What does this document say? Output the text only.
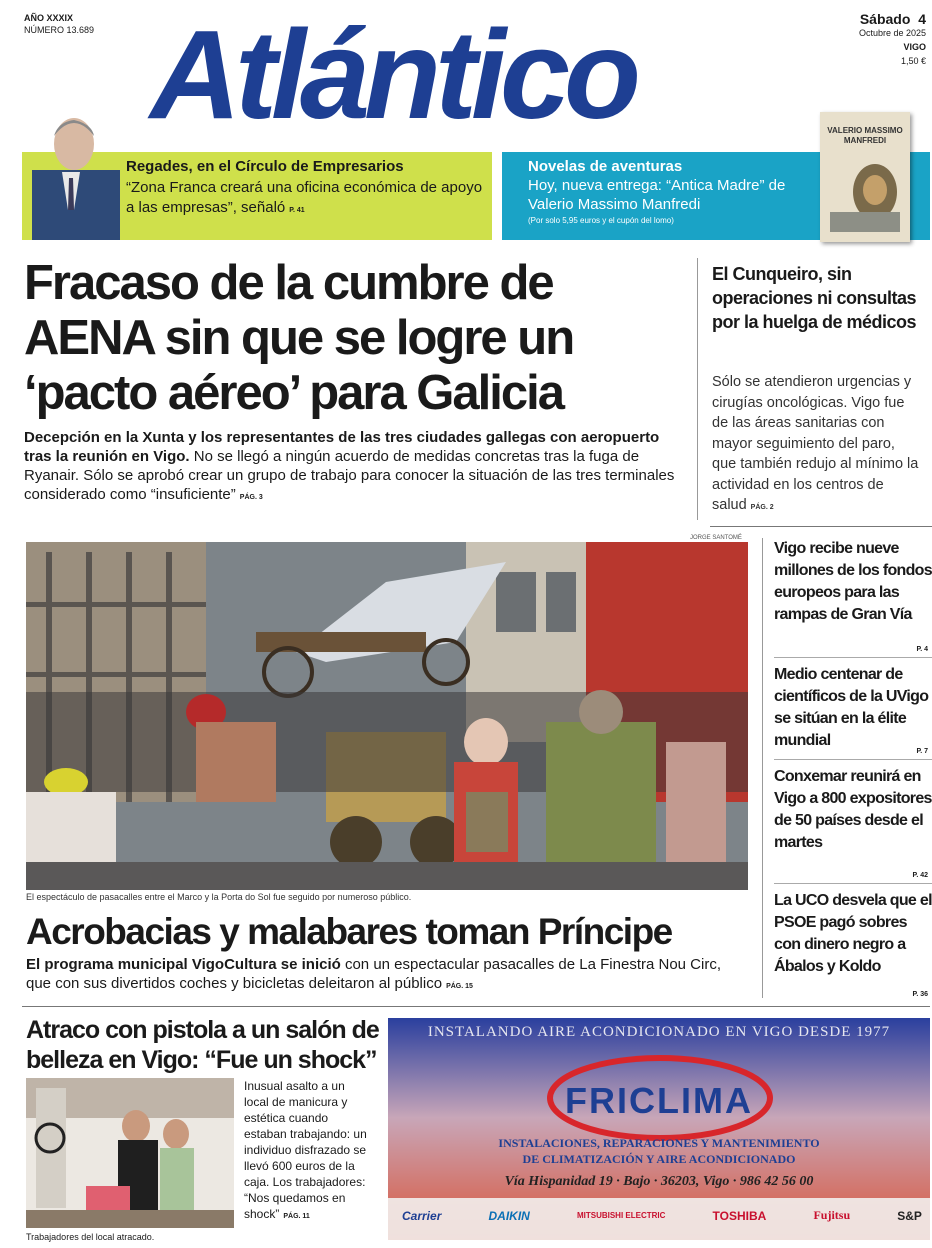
AÑO XXXIX
NÚMERO 13.689 Atlántico	Sábado 4
Octubre de 2025
VIGO
1,50 €
Regades, en el Círculo de Empresarios
“Zona Franca creará una oficina económica de apoyo a las empresas”, señaló P. 41
Novelas de aventuras
Hoy, nueva entrega: “Antica Madre” de Valerio Massimo Manfredi
(Por solo 5,95 euros y el cupón del lomo)
VALERIO MASSIMO MANFREDI
Fracaso de la cumbre de AENA sin que se logre un ‘pacto aéreo’ para Galicia
Decepción en la Xunta y los representantes de las tres ciudades gallegas con aeropuerto tras la reunión en Vigo. No se llegó a ningún acuerdo de medidas concretas tras la fuga de Ryanair. Sólo se aprobó crear un grupo de trabajo para conocer la situación de las tres terminales considerado como “insuficiente” PÁG. 3
El Cunqueiro, sin operaciones ni consultas por la huelga de médicos
Sólo se atendieron urgencias y cirugías oncológicas. Vigo fue de las áreas sanitarias con mayor seguimiento del paro, que también redujo al mínimo la actividad en los centros de salud PÁG. 2
JORGE SANTOMÉ
El espectáculo de pasacalles entre el Marco y la Porta do Sol fue seguido por numeroso público.
Vigo recibe nueve millones de los fondos europeos para las rampas de Gran Vía
P. 4
Medio centenar de científicos de la UVigo se sitúan en la élite mundial
P. 7
Conxemar reunirá en Vigo a 800 expositores de 50 países desde el martes
P. 42
La UCO desvela que el PSOE pagó sobres con dinero negro a Ábalos y Koldo
P. 36
Acrobacias y malabares toman Príncipe
El programa municipal VigoCultura se inició con un espectacular pasacalles de La Finestra Nou Circ, que con sus divertidos coches y bicicletas deleitaron al público PÁG. 15
Atraco con pistola a un salón de belleza en Vigo: “Fue un shock”
Trabajadores del local atracado.
Inusual asalto a un local de manicura y estética cuando estaban trabajando: un individuo disfrazado se llevó 600 euros de la caja. Los trabajadores: “Nos quedamos en shock” PÁG. 11
INSTALANDO AIRE ACONDICIONADO EN VIGO DESDE 1977
FRICLIMA
INSTALACIONES, REPARACIONES Y MANTENIMIENTO
DE CLIMATIZACIÓN Y AIRE ACONDICIONADO
Vía Hispanidad 19 · Bajo · 36203, Vigo · 986 42 56 00
Carrier	DAIKIN	MITSUBISHI ELECTRIC	TOSHIBA	Fujitsu	S&P
